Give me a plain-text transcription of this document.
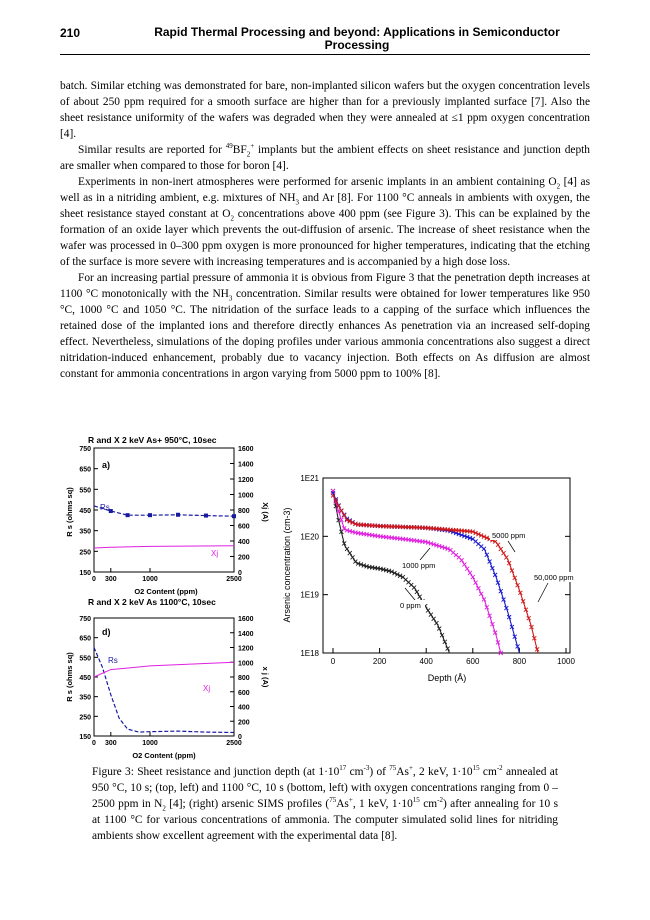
210	Rapid Thermal Processing and beyond: Applications in Semiconductor Processing

batch. Similar etching was demonstrated for bare, non-implanted silicon wafers but the oxygen concentration levels of about 250 ppm required for a smooth surface are higher than for a previously implanted surface [7]. Also the sheet resistance uniformity of the wafers was degraded when they were annealed at ≤1 ppm oxygen concentration [4].

Similar results are reported for $^{49}BF_2^+$ implants but the ambient effects on sheet resistance and junction depth are smaller when compared to those for boron [4].

Experiments in non-inert atmospheres were performed for arsenic implants in an ambient containing $O_2$ [4] as well as in a nitriding ambient, e.g. mixtures of $NH_3$ and Ar [8]. For 1100 °C anneals in ambients with oxygen, the sheet resistance stayed constant at $O_2$ concentrations above 400 ppm (see Figure 3). This can be explained by the formation of an oxide layer which prevents the out-diffusion of arsenic. The increase of sheet resistance when the wafer was processed in 0–300 ppm oxygen is more pronounced for higher temperatures, indicating that the etching of the surface is more severe with increasing temperatures and is accompanied by a high dose loss.

For an increasing partial pressure of ammonia it is obvious from Figure 3 that the penetration depth increases at 1100 °C monotonically with the $NH_3$ concentration. Similar results were obtained for lower temperatures like 950 °C, 1000 °C and 1050 °C. The nitridation of the surface leads to a capping of the surface which influences the retained dose of the implanted ions and therefore directly enhances As penetration via an increased self-doping effect. Nevertheless, simulations of the doping profiles under various ammonia concentrations also suggest a direct nitridation-induced enhancement, probably due to vacancy injection. Both effects on As diffusion are almost constant for ammonia concentrations in argon varying from 5000 ppm to 100% [8].

R and X 2 keV As+ 950°C, 10sec
a)
750
650
550
450
350
250
150
1600
1400
1200
1000
800
600
400
200
0
0 300	1000	2500
R s (ohms sq)	Xj (A)
O2 Content (ppm)
Rs
Xj
R and X 2 keV As 1100°C, 10sec
d)
750
650
550
450
350
250
150
1600
1400
1200
1000
800
600
400
200
0
0 300	1000	2500
R s (ohms sq)	x j (A)
O2 Content (ppm)
Rs
Xj
1E21
1E20
1E19
1E18
0	200	400	600	800	1000
Arsenic concentration (cm-3)
Depth (Å)
0 ppm
1000 ppm
5000 ppm
50,000 ppm
Figure 3: Sheet resistance and junction depth (at $1\cdot 10^{17}$ $cm^{-3}$) of $^{75}$As+, 2 keV, $1\cdot 10^{15}$ $cm^{-2}$ annealed at 950 °C, 10 s; (top, left) and 1100 °C, 10 s (bottom, left) with oxygen concentrations ranging from 0 – 2500 ppm in $N_2$ [4]; (right) arsenic SIMS profiles ($^{75}$As+, 1 keV, $1\cdot 10^{15}$ $cm^{-2}$) after annealing for 10 s at 1100 °C for various concentrations of ammonia. The computer simulated solid lines for nitriding ambients show excellent agreement with the experimental data [8].
